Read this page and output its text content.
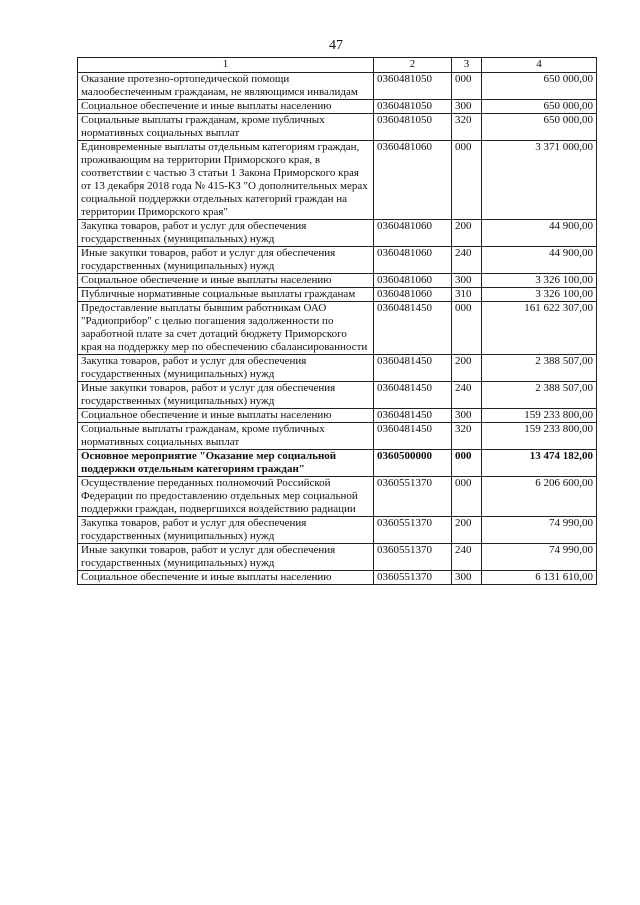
47
1	2	3	4
Оказание протезно-ортопедической помощи малообеспеченным гражданам, не являющимся инвалидам	0360481050	000	650 000,00
Социальное обеспечение и иные выплаты населению	0360481050	300	650 000,00
Социальные выплаты гражданам, кроме публичных нормативных социальных выплат	0360481050	320	650 000,00
Единовременные выплаты отдельным категориям граждан, проживающим на территории Приморского края, в соответствии с частью 3 статьи 1 Закона Приморского края от 13 декабря 2018 года № 415-КЗ "О дополнительных мерах социальной поддержки отдельных категорий граждан на территории Приморского края"	0360481060	000	3 371 000,00
Закупка товаров, работ и услуг для обеспечения государственных (муниципальных) нужд	0360481060	200	44 900,00
Иные закупки товаров, работ и услуг для обеспечения государственных (муниципальных) нужд	0360481060	240	44 900,00
Социальное обеспечение и иные выплаты населению	0360481060	300	3 326 100,00
Публичные нормативные социальные выплаты гражданам	0360481060	310	3 326 100,00
Предоставление выплаты бывшим работникам ОАО "Радиоприбор" с целью погашения задолженности по заработной плате за счет дотаций бюджету Приморского края на поддержку мер по обеспечению сбалансированности	0360481450	000	161 622 307,00
Закупка товаров, работ и услуг для обеспечения государственных (муниципальных) нужд	0360481450	200	2 388 507,00
Иные закупки товаров, работ и услуг для обеспечения государственных (муниципальных) нужд	0360481450	240	2 388 507,00
Социальное обеспечение и иные выплаты населению	0360481450	300	159 233 800,00
Социальные выплаты гражданам, кроме публичных нормативных социальных выплат	0360481450	320	159 233 800,00
Основное мероприятие "Оказание мер социальной поддержки отдельным категориям граждан"	0360500000	000	13 474 182,00
Осуществление переданных полномочий Российской Федерации по предоставлению отдельных мер социальной поддержки граждан, подвергшихся воздействию радиации	0360551370	000	6 206 600,00
Закупка товаров, работ и услуг для обеспечения государственных (муниципальных) нужд	0360551370	200	74 990,00
Иные закупки товаров, работ и услуг для обеспечения государственных (муниципальных) нужд	0360551370	240	74 990,00
Социальное обеспечение и иные выплаты населению	0360551370	300	6 131 610,00
